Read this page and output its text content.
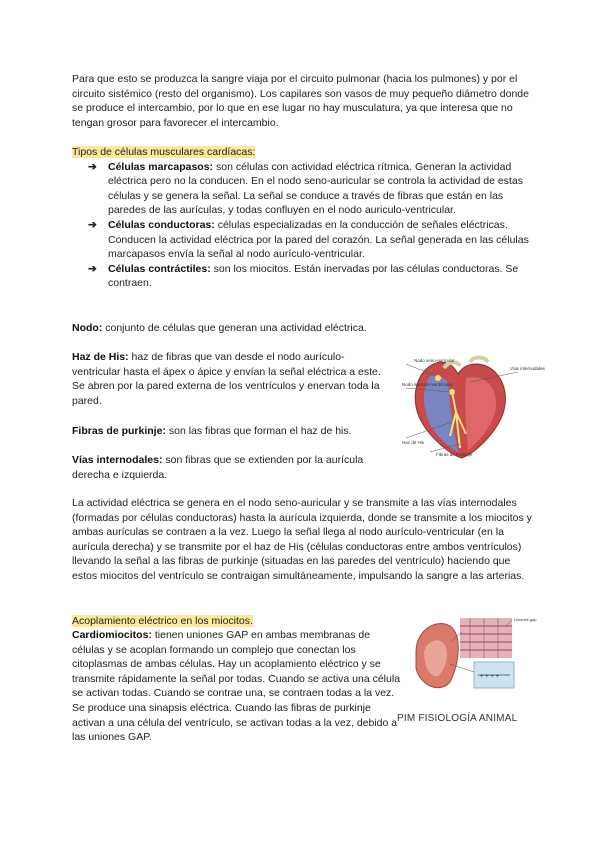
Para que esto se produzca la sangre viaja por el circuito pulmonar (hacia los pulmones) y por el circuito sistémico (resto del organismo). Los capilares son vasos de muy pequeño diámetro donde se produce el intercambio, por lo que en ese lugar no hay musculatura, ya que interesa que no tengan grosor para favorecer el intercambio.

Tipos de células musculares cardíacas:

➔ Células marcapasos: son células con actividad eléctrica rítmica. Generan la actividad eléctrica pero no la conducen. En el nodo seno-auricular se controla la actividad de estas células y se genera la señal. La señal se conduce a través de fibras que están en las paredes de las aurículas, y todas confluyen en el nodo auriculo-ventricular.
➔ Células conductoras: células especializadas en la conducción de señales eléctricas. Conducen la actividad eléctrica por la pared del corazón. La señal generada en las células marcapasos envía la señal al nodo aurículo-ventricular.
➔ Células contráctiles: son los miocitos. Están inervadas por las células conductoras. Se contraen.

Nodo: conjunto de células que generan una actividad eléctrica.

Haz de His: haz de fibras que van desde el nodo aurículo-ventricular hasta el ápex o ápice y envían la señal eléctrica a este. Se abren por la pared externa de los ventrículos y enervan toda la pared.

Fibras de purkinje: son las fibras que forman el haz de his.

Vías internodales: son fibras que se extienden por la aurícula derecha e izquierda.

Nodo seno-auricular
Vías internodales
Nodo aurículo-ventricular
Haz de His
Fibras de Purkinje

La actividad eléctrica se genera en el nodo seno-auricular y se transmite a las vías internodales (formadas por células conductoras) hasta la aurícula izquierda, donde se transmite a los miocitos y ambas aurículas se contraen a la vez. Luego la señal llega al nodo aurículo-ventricular (en la aurícula derecha) y se transmite por el haz de His (células conductoras entre ambos ventrículos) llevando la señal a las fibras de purkinje (situadas en las paredes del ventrículo) haciendo que estos miocitos del ventrículo se contraigan simultáneamente, impulsando la sangre a las arterias.

Acoplamiento eléctrico en los miocitos.

Cardiomiocitos: tienen uniones GAP en ambas membranas de células y se acoplan formando un complejo que conectan los citoplasmas de ambas células. Hay un acoplamiento eléctrico y se transmite rápidamente la señal por todas. Cuando se activa una célula se activan todas. Cuando se contrae una, se contraen todas a la vez. Se produce una sinapsis eléctrica. Cuando las fibras de purkinje activan a una célula del ventrículo, se activan todas a la vez, debido a las uniones GAP.

+ + + +
Uniones gap
PIM FISIOLOGÍA ANIMAL
